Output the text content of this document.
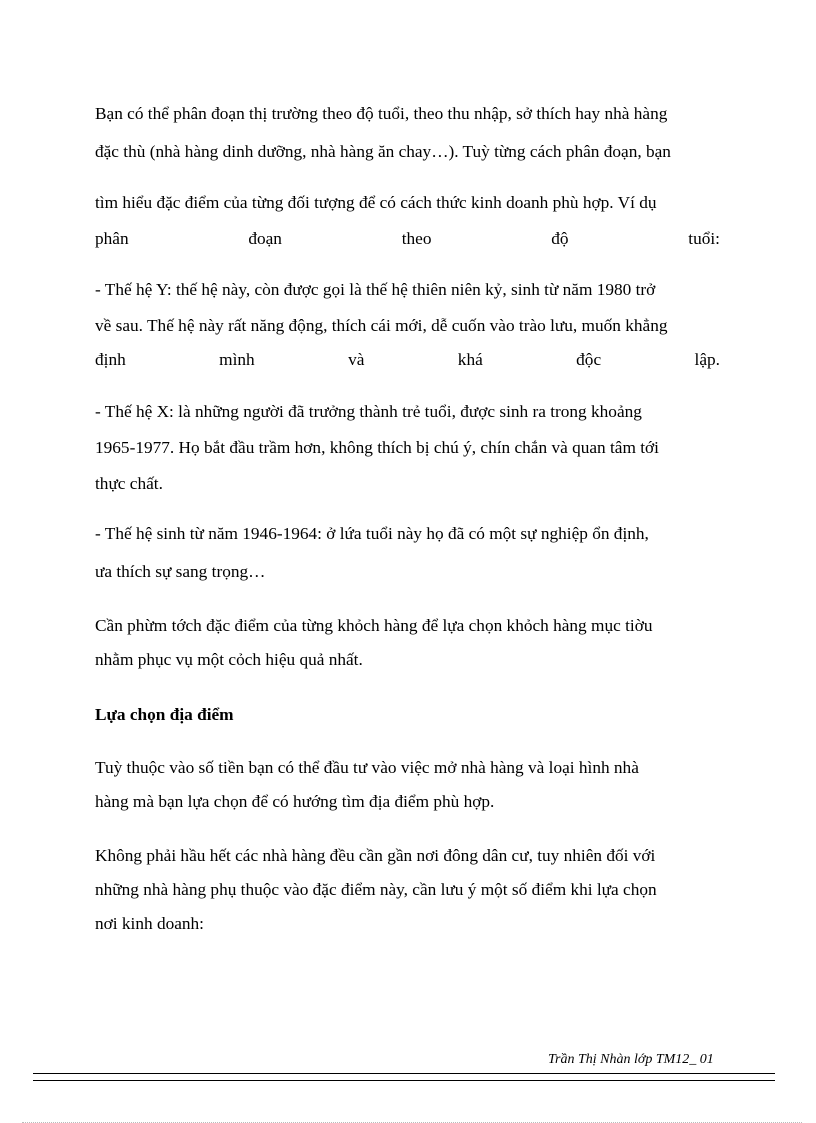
Bạn có thể phân đoạn thị trường theo độ tuổi, theo thu nhập, sở thích hay nhà hàng

đặc thù (nhà hàng dinh dưỡng, nhà hàng ăn chay…). Tuỳ từng cách phân đoạn, bạn

tìm hiểu đặc điểm của từng đối tượng để có cách thức kinh doanh phù hợp. Ví dụ

phân	đoạn	theo	độ	tuổi:

- Thế hệ Y: thế hệ này, còn được gọi là thế hệ thiên niên kỷ, sinh từ năm 1980 trở

về sau. Thế hệ này rất năng động, thích cái mới, dễ cuốn vào trào lưu, muốn khẳng

định	mình	và	khá	độc	lập.

- Thế hệ X: là những người đã trưởng thành trẻ tuổi, được sinh ra trong khoảng

1965-1977. Họ bắt đầu trầm hơn, không thích bị chú ý, chín chắn và quan tâm tới

thực chất.

- Thế hệ sinh từ năm 1946-1964: ở lứa tuổi này họ đã có một sự nghiệp ổn định,

ưa thích sự sang trọng…

Cần phừm tớch đặc điểm của từng khỏch hàng để lựa chọn khỏch hàng mục tiờu

nhằm phục vụ một cỏch hiệu quả nhất.

Lựa chọn địa điểm

Tuỳ thuộc vào số tiền bạn có thể đầu tư vào việc mở nhà hàng và loại hình nhà

hàng mà bạn lựa chọn để có hướng tìm địa điểm phù hợp.

Không phải hầu hết các nhà hàng đều cần gần nơi đông dân cư, tuy nhiên đối với

những nhà hàng phụ thuộc vào đặc điểm này, cần lưu ý một số điểm khi lựa chọn

nơi kinh doanh:

Trần Thị Nhàn lớp TM12_ 01
